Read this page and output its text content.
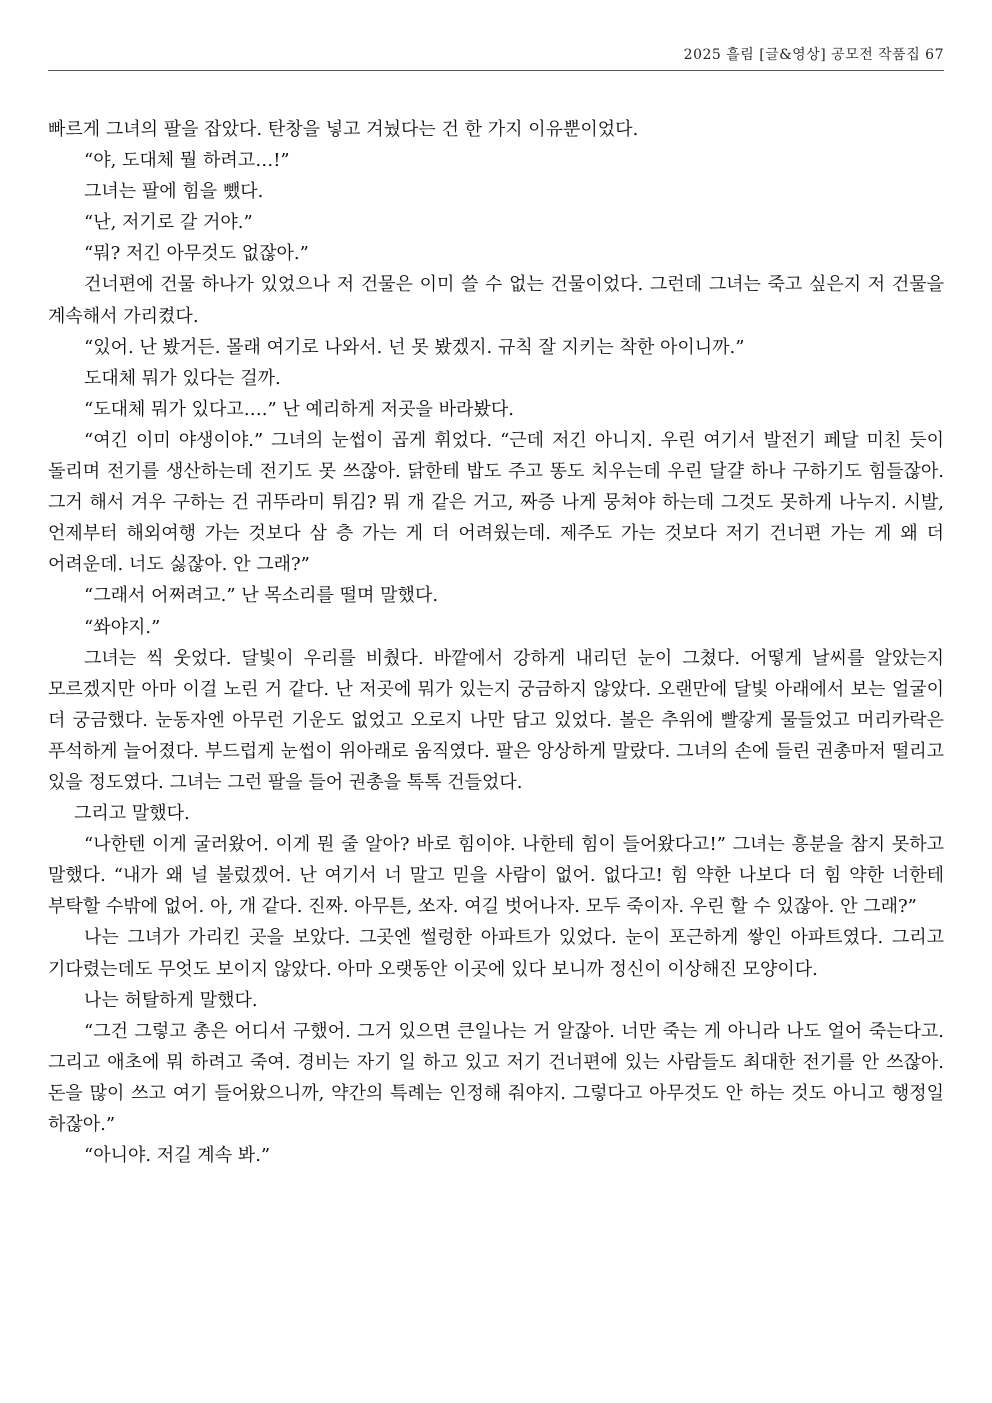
2025 흘림 [글&영상] 공모전 작품집 67

빠르게 그녀의 팔을 잡았다. 탄창을 넣고 겨눴다는 건 한 가지 이유뿐이었다.

“야, 도대체 뭘 하려고…!”

그녀는 팔에 힘을 뺐다.

“난, 저기로 갈 거야.”

“뭐? 저긴 아무것도 없잖아.”

건너편에 건물 하나가 있었으나 저 건물은 이미 쓸 수 없는 건물이었다. 그런데 그녀는 죽고 싶은지 저 건물을 계속해서 가리켰다.

“있어. 난 봤거든. 몰래 여기로 나와서. 넌 못 봤겠지. 규칙 잘 지키는 착한 아이니까.”

도대체 뭐가 있다는 걸까.

“도대체 뭐가 있다고….” 난 예리하게 저곳을 바라봤다.

“여긴 이미 야생이야.” 그녀의 눈썹이 곱게 휘었다. “근데 저긴 아니지. 우린 여기서 발전기 페달 미친 듯이 돌리며 전기를 생산하는데 전기도 못 쓰잖아. 닭한테 밥도 주고 똥도 치우는데 우린 달걀 하나 구하기도 힘들잖아. 그거 해서 겨우 구하는 건 귀뚜라미 튀김? 뭐 개 같은 거고, 짜증 나게 뭉쳐야 하는데 그것도 못하게 나누지. 시발, 언제부터 해외여행 가는 것보다 삼 층 가는 게 더 어려웠는데. 제주도 가는 것보다 저기 건너편 가는 게 왜 더 어려운데. 너도 싫잖아. 안 그래?”

“그래서 어쩌려고.” 난 목소리를 떨며 말했다.

“쏴야지.”

그녀는 씩 웃었다. 달빛이 우리를 비췄다. 바깥에서 강하게 내리던 눈이 그쳤다. 어떻게 날씨를 알았는지 모르겠지만 아마 이걸 노린 거 같다. 난 저곳에 뭐가 있는지 궁금하지 않았다. 오랜만에 달빛 아래에서 보는 얼굴이 더 궁금했다. 눈동자엔 아무런 기운도 없었고 오로지 나만 담고 있었다. 볼은 추위에 빨갛게 물들었고 머리카락은 푸석하게 늘어졌다. 부드럽게 눈썹이 위아래로 움직였다. 팔은 앙상하게 말랐다. 그녀의 손에 들린 권총마저 떨리고 있을 정도였다. 그녀는 그런 팔을 들어 권총을 톡톡 건들었다.

그리고 말했다.

“나한텐 이게 굴러왔어. 이게 뭔 줄 알아? 바로 힘이야. 나한테 힘이 들어왔다고!” 그녀는 흥분을 참지 못하고 말했다. “내가 왜 널 불렀겠어. 난 여기서 너 말고 믿을 사람이 없어. 없다고! 힘 약한 나보다 더 힘 약한 너한테 부탁할 수밖에 없어. 아, 개 같다. 진짜. 아무튼, 쏘자. 여길 벗어나자. 모두 죽이자. 우린 할 수 있잖아. 안 그래?”

나는 그녀가 가리킨 곳을 보았다. 그곳엔 썰렁한 아파트가 있었다. 눈이 포근하게 쌓인 아파트였다. 그리고 기다렸는데도 무엇도 보이지 않았다. 아마 오랫동안 이곳에 있다 보니까 정신이 이상해진 모양이다.

나는 허탈하게 말했다.

“그건 그렇고 총은 어디서 구했어. 그거 있으면 큰일나는 거 알잖아. 너만 죽는 게 아니라 나도 얼어 죽는다고. 그리고 애초에 뭐 하려고 죽여. 경비는 자기 일 하고 있고 저기 건너편에 있는 사람들도 최대한 전기를 안 쓰잖아. 돈을 많이 쓰고 여기 들어왔으니까, 약간의 특례는 인정해 줘야지. 그렇다고 아무것도 안 하는 것도 아니고 행정일 하잖아.”

“아니야. 저길 계속 봐.”
